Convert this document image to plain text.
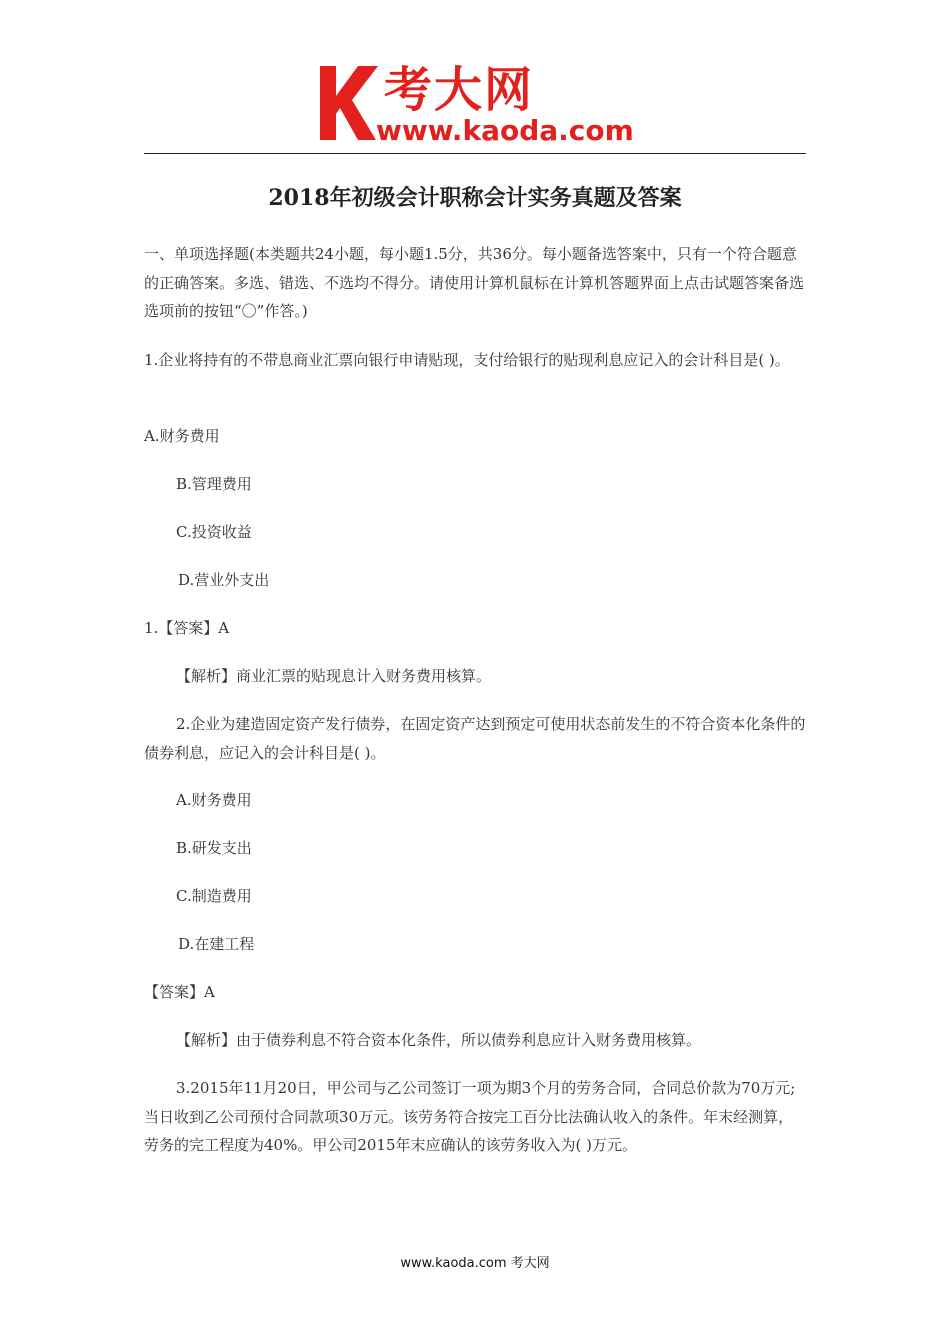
考大网
www.kaoda.com
2018年初级会计职称会计实务真题及答案

一、单项选择题(本类题共24小题，每小题1.5分，共36分。每小题备选答案中，只有一个符合题意的正确答案。多选、错选、不选均不得分。请使用计算机鼠标在计算机答题界面上点击试题答案备选选项前的按钮“〇”作答。)

1.企业将持有的不带息商业汇票向银行申请贴现，支付给银行的贴现利息应记入的会计科目是( )。

A.财务费用

B.管理费用

C.投资收益

D.营业外支出

1.【答案】A

【解析】商业汇票的贴现息计入财务费用核算。

2.企业为建造固定资产发行债券，在固定资产达到预定可使用状态前发生的不符合资本化条件的债券利息，应记入的会计科目是( )。

A.财务费用

B.研发支出

C.制造费用

D.在建工程

【答案】A

【解析】由于债券利息不符合资本化条件，所以债券利息应计入财务费用核算。

3.2015年11月20日，甲公司与乙公司签订一项为期3个月的劳务合同，合同总价款为70万元;当日收到乙公司预付合同款项30万元。该劳务符合按完工百分比法确认收入的条件。年末经测算，劳务的完工程度为40%。甲公司2015年末应确认的该劳务收入为( )万元。

www.kaoda.com 考大网
